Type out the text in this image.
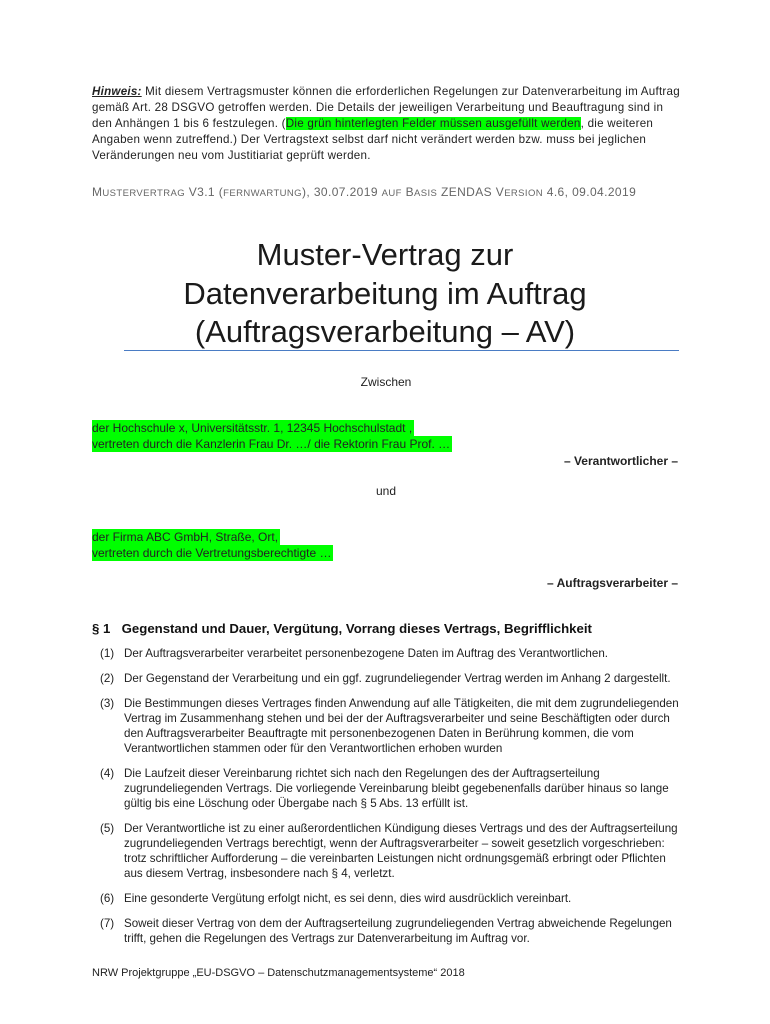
Hinweis: Mit diesem Vertragsmuster können die erforderlichen Regelungen zur Datenverarbeitung im Auftrag gemäß Art. 28 DSGVO getroffen werden. Die Details der jeweiligen Verarbeitung und Beauftragung sind in den Anhängen 1 bis 6 festzulegen. (Die grün hinterlegten Felder müssen ausgefüllt werden, die weiteren Angaben wenn zutreffend.) Der Vertragstext selbst darf nicht verändert werden bzw. muss bei jeglichen Veränderungen neu vom Justitiariat geprüft werden.

MUSTERVERTRAG V3.1 (FERNWARTUNG), 30.07.2019 AUF BASIS ZENDAS VERSION 4.6, 09.04.2019
Muster-Vertrag zur
Datenverarbeitung im Auftrag
(Auftragsverarbeitung – AV)
Zwischen
der Hochschule x, Universitätsstr. 1, 12345 Hochschulstadt ,
vertreten durch die Kanzlerin Frau Dr. …/ die Rektorin Frau Prof. …
– Verantwortlicher –
und
der Firma ABC GmbH, Straße, Ort,
vertreten durch die Vertretungsberechtigte …
– Auftragsverarbeiter –
§ 1 Gegenstand und Dauer, Vergütung, Vorrang dieses Vertrags, Begrifflichkeit
(1) Der Auftragsverarbeiter verarbeitet personenbezogene Daten im Auftrag des Verantwortlichen.
(2) Der Gegenstand der Verarbeitung und ein ggf. zugrundeliegender Vertrag werden im Anhang 2 dargestellt.
(3) Die Bestimmungen dieses Vertrages finden Anwendung auf alle Tätigkeiten, die mit dem zugrundeliegenden Vertrag im Zusammenhang stehen und bei der der Auftragsverarbeiter und seine Beschäftigten oder durch den Auftragsverarbeiter Beauftragte mit personenbezogenen Daten in Berührung kommen, die vom Verantwortlichen stammen oder für den Verantwortlichen erhoben wurden
(4) Die Laufzeit dieser Vereinbarung richtet sich nach den Regelungen des der Auftragserteilung zugrundeliegenden Vertrags. Die vorliegende Vereinbarung bleibt gegebenenfalls darüber hinaus so lange gültig bis eine Löschung oder Übergabe nach § 5 Abs. 13 erfüllt ist.
(5) Der Verantwortliche ist zu einer außerordentlichen Kündigung dieses Vertrags und des der Auftragserteilung zugrundeliegenden Vertrags berechtigt, wenn der Auftragsverarbeiter – soweit gesetzlich vorgeschrieben: trotz schriftlicher Aufforderung – die vereinbarten Leistungen nicht ordnungsgemäß erbringt oder Pflichten aus diesem Vertrag, insbesondere nach § 4, verletzt.
(6) Eine gesonderte Vergütung erfolgt nicht, es sei denn, dies wird ausdrücklich vereinbart.
(7) Soweit dieser Vertrag von dem der Auftragserteilung zugrundeliegenden Vertrag abweichende Regelungen trifft, gehen die Regelungen des Vertrags zur Datenverarbeitung im Auftrag vor.
NRW Projektgruppe „EU-DSGVO – Datenschutzmanagementsysteme“ 2018
